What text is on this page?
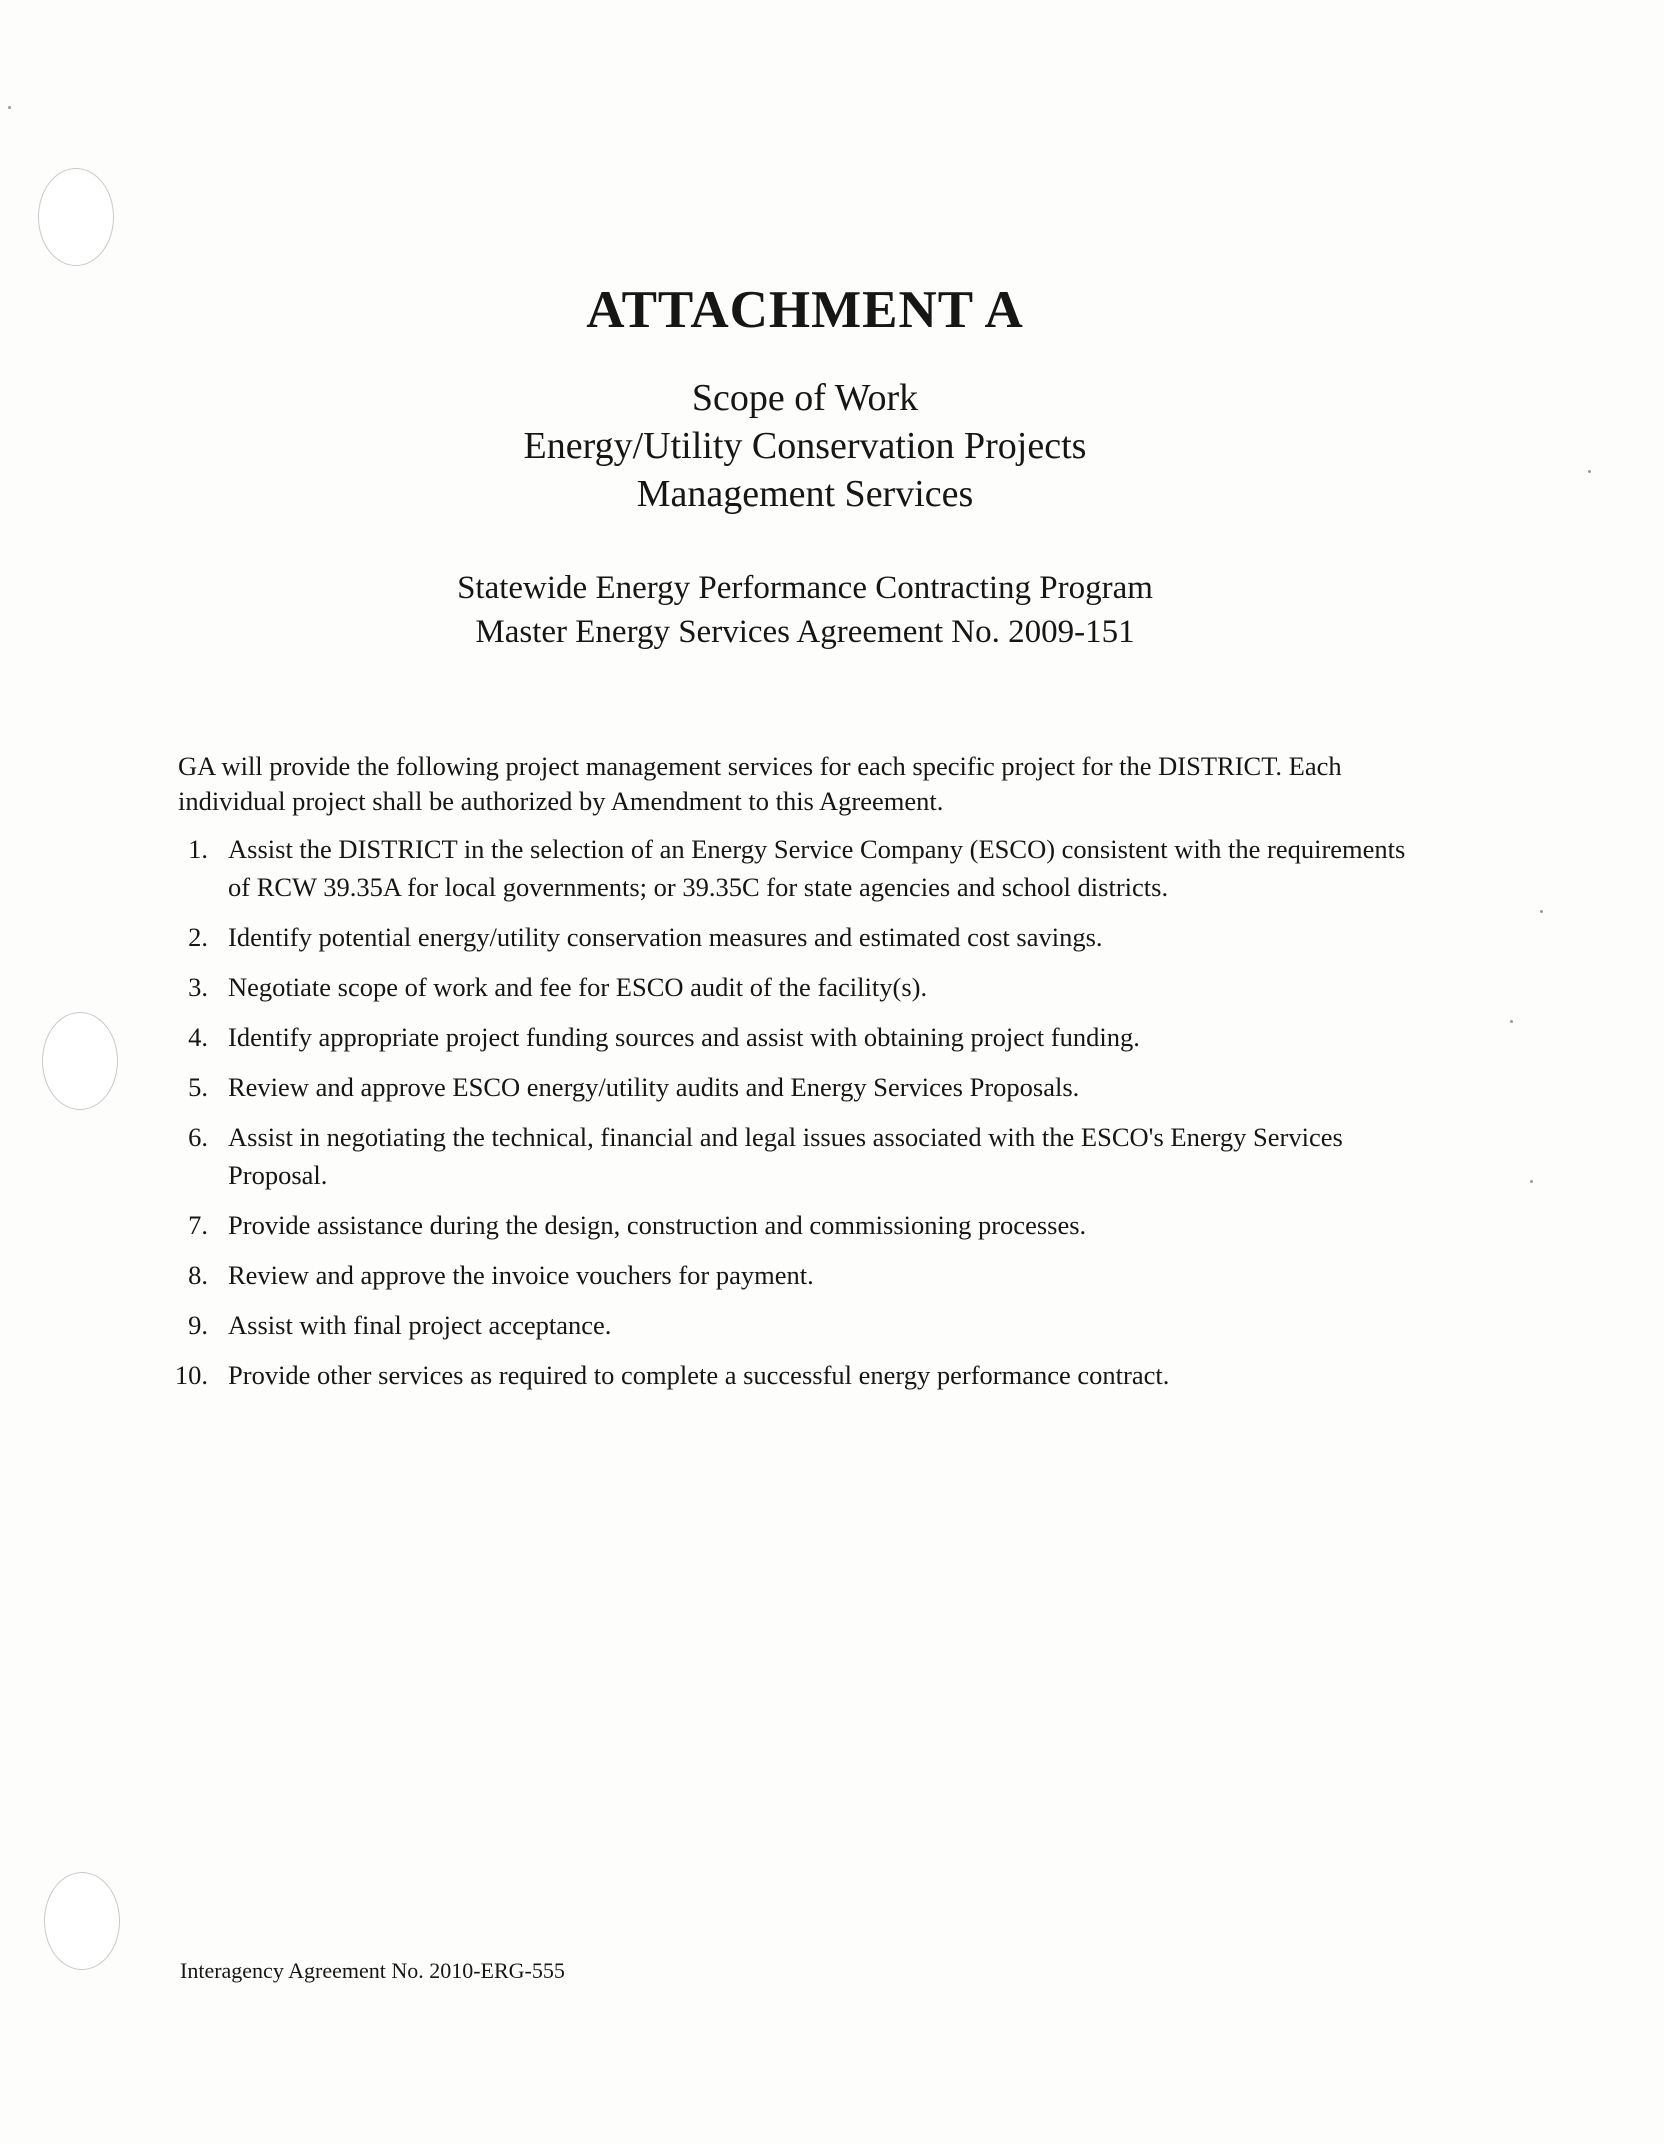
ATTACHMENT A
Scope of Work
Energy/Utility Conservation Projects
Management Services
Statewide Energy Performance Contracting Program
Master Energy Services Agreement No. 2009-151

GA will provide the following project management services for each specific project for the DISTRICT. Each individual project shall be authorized by Amendment to this Agreement.

1. Assist the DISTRICT in the selection of an Energy Service Company (ESCO) consistent with the requirements of RCW 39.35A for local governments; or 39.35C for state agencies and school districts.
2. Identify potential energy/utility conservation measures and estimated cost savings.
3. Negotiate scope of work and fee for ESCO audit of the facility(s).
4. Identify appropriate project funding sources and assist with obtaining project funding.
5. Review and approve ESCO energy/utility audits and Energy Services Proposals.
6. Assist in negotiating the technical, financial and legal issues associated with the ESCO's Energy Services Proposal.
7. Provide assistance during the design, construction and commissioning processes.
8. Review and approve the invoice vouchers for payment.
9. Assist with final project acceptance.
10. Provide other services as required to complete a successful energy performance contract.
Interagency Agreement No. 2010-ERG-555
